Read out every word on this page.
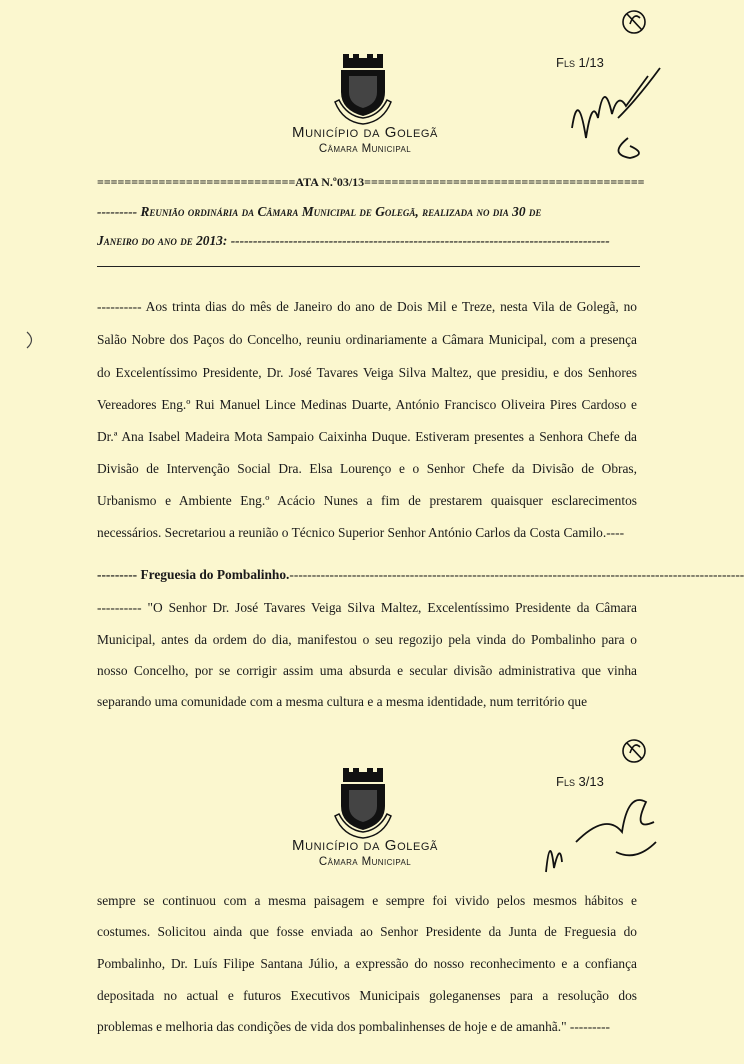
Município da Golegã
Câmara Municipal
Fls 1/13
=============================ATA N.º03/13=========================================
--------- Reunião ordinária da Câmara Municipal de Golegã, realizada no dia 30 de
Janeiro do ano de 2013: -------------------------------------------------------------------------------------
---------- Aos trinta dias do mês de Janeiro do ano de Dois Mil e Treze, nesta Vila de Golegã, no
Salão Nobre dos Paços do Concelho, reuniu ordinariamente a Câmara Municipal, com a presença
do Excelentíssimo Presidente, Dr. José Tavares Veiga Silva Maltez, que presidiu, e dos Senhores
Vereadores Eng.º Rui Manuel Lince Medinas Duarte, António Francisco Oliveira Pires Cardoso e
Dr.ª Ana Isabel Madeira Mota Sampaio Caixinha Duque. Estiveram presentes a Senhora Chefe da
Divisão de Intervenção Social Dra. Elsa Lourenço e o Senhor Chefe da Divisão de Obras,
Urbanismo e Ambiente Eng.º Acácio Nunes a fim de prestarem quaisquer esclarecimentos
necessários. Secretariou a reunião o Técnico Superior Senhor António Carlos da Costa Camilo.----
--------- Freguesia do Pombalinho.------------------------------------------------------------------------------------------------------
---------- "O Senhor Dr. José Tavares Veiga Silva Maltez, Excelentíssimo Presidente da Câmara
Municipal, antes da ordem do dia, manifestou o seu regozijo pela vinda do Pombalinho para o
nosso Concelho, por se corrigir assim uma absurda e secular divisão administrativa que vinha
separando uma comunidade com a mesma cultura e a mesma identidade, num território que
Município da Golegã
Câmara Municipal
Fls 3/13
sempre se continuou com a mesma paisagem e sempre foi vivido pelos mesmos hábitos e
costumes. Solicitou ainda que fosse enviada ao Senhor Presidente da Junta de Freguesia do
Pombalinho, Dr. Luís Filipe Santana Júlio, a expressão do nosso reconhecimento e a confiança
depositada no actual e futuros Executivos Municipais goleganenses para a resolução dos
problemas e melhoria das condições de vida dos pombalinhenses de hoje e de amanhã." ---------
